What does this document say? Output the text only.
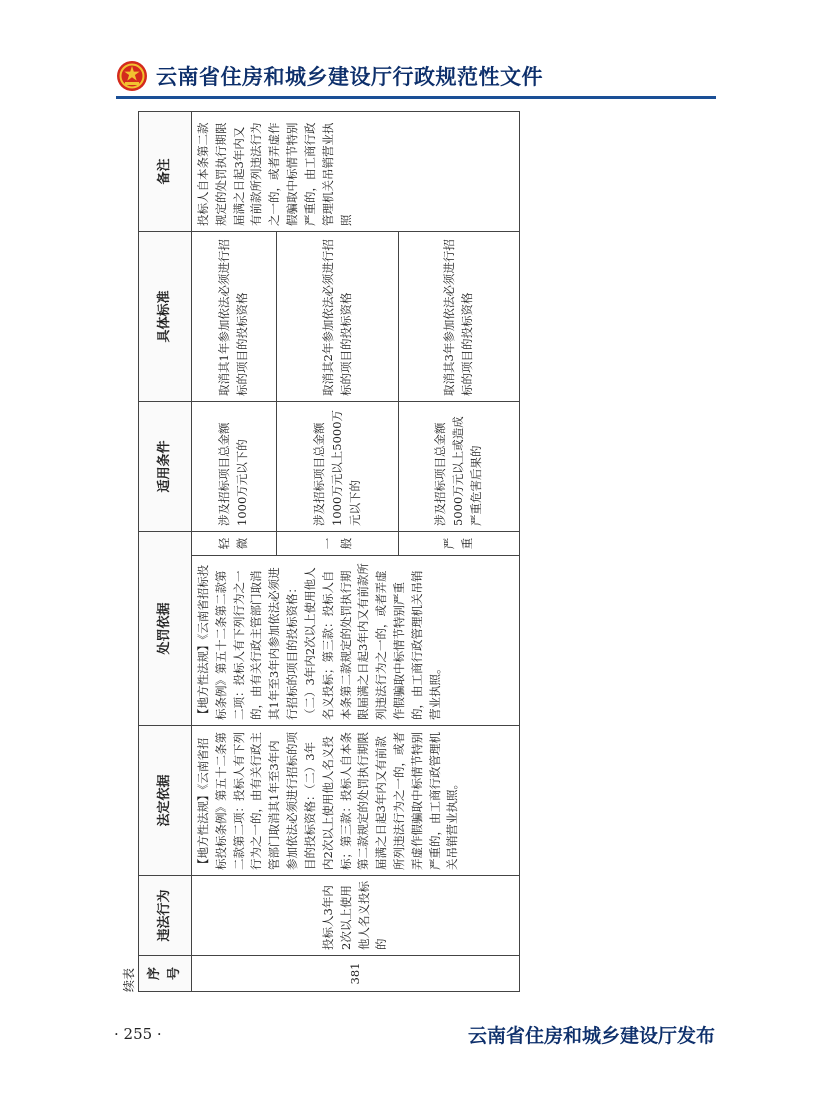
云南省住房和城乡建设厅行政规范性文件
续表 序号	违法行为	法定依据	处罚依据		适用条件	具体标准	备注
381	投标人3年内2次以上使用他人名义投标的	【地方性法规】《云南省招标投标条例》第五十二条第二款第二项：投标人有下列行为之一的，由有关行政主管部门取消其1年至3年内参加依法必须进行招标的项目的投标资格：（二）3年内2次以上使用他人名义投标；第三款：投标人自本条第二款规定的处罚执行期限届满之日起3年内又有前款所列违法行为之一的，或者弄虚作假骗取中标情节特别严重的，由工商行政管理机关吊销营业执照。	【地方性法规】《云南省招标投标条例》第五十二条第二款第二项：投标人有下列行为之一的，由有关行政主管部门取消其1年至3年内参加依法必须进行招标的项目的投标资格：（二）3年内2次以上使用他人名义投标；第三款：投标人自本条第二款规定的处罚执行期限届满之日起3年内又有前款所列违法行为之一的，或者弄虚作假骗取中标情节特别严重的，由工商行政管理机关吊销营业执照。	轻微	涉及招标项目总金额1000万元以下的	取消其1年参加依法必须进行招标的项目的投标资格	投标人自本条第二款规定的处罚执行期限届满之日起3年内又有前款所列违法行为之一的，或者弄虚作假骗取中标情节特别严重的，由工商行政管理机关吊销营业执照
				一般	涉及招标项目总金额1000万元以上5000万元以下的	取消其2年参加依法必须进行招标的项目的投标资格	
				严重	涉及招标项目总金额5000万元以上或造成严重危害后果的	取消其3年参加依法必须进行招标的项目的投标资格	
· 255 ·	云南省住房和城乡建设厅发布
